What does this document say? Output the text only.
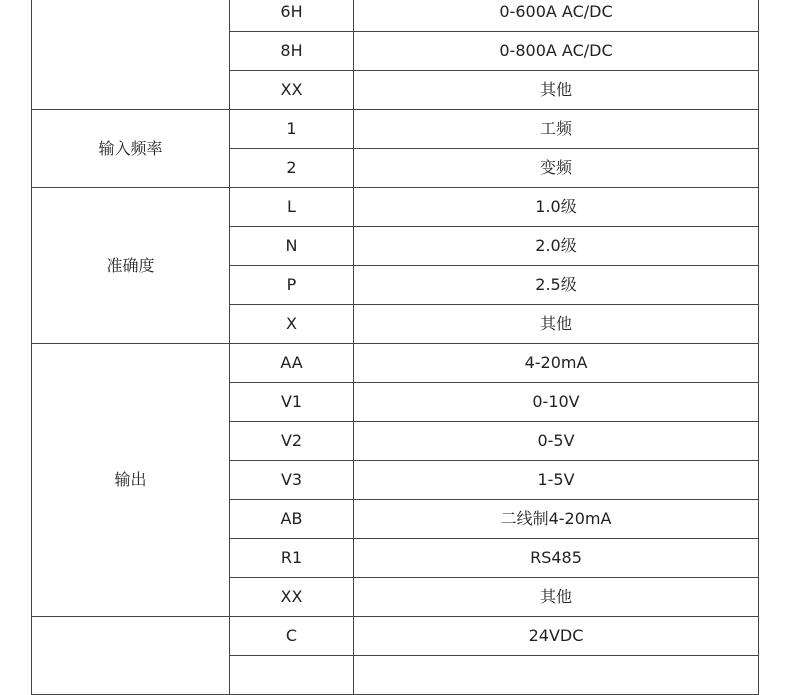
	6H	0-600A AC/DC
	8H	0-800A AC/DC
	XX	其他
输入频率	1	工频
	2	变频
准确度	L	1.0级
	N	2.0级
	P	2.5级
	X	其他
输出	AA	4-20mA
	V1	0-10V
	V2	0-5V
	V3	1-5V
	AB	二线制4-20mA
	R1	RS485
	XX	其他
	C	24VDC
